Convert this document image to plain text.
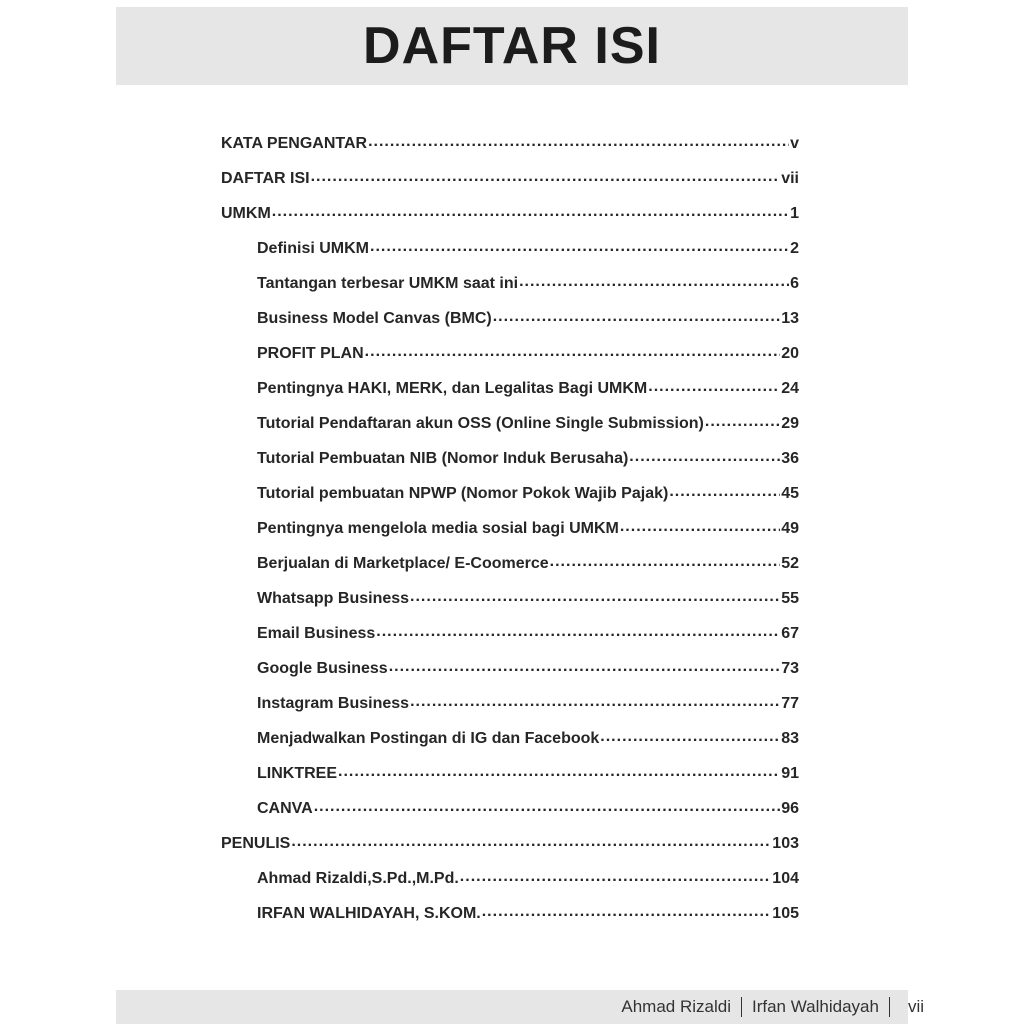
DAFTAR ISI
KATA PENGANTAR .....	v
DAFTAR ISI .....	vii
UMKM .....	1
Definisi UMKM .....	2
Tantangan terbesar UMKM saat ini .....	6
Business Model Canvas (BMC) .....	13
PROFIT PLAN .....	20
Pentingnya HAKI, MERK, dan Legalitas Bagi UMKM .....	24
Tutorial Pendaftaran akun OSS (Online Single Submission) .....	29
Tutorial Pembuatan NIB (Nomor Induk Berusaha) .....	36
Tutorial pembuatan NPWP (Nomor Pokok Wajib Pajak) .....	45
Pentingnya mengelola media sosial bagi UMKM .....	49
Berjualan di Marketplace/ E-Coomerce .....	52
Whatsapp Business .....	55
Email Business .....	67
Google Business .....	73
Instagram Business .....	77
Menjadwalkan Postingan di IG dan Facebook .....	83
LINKTREE .....	91
CANVA .....	96
PENULIS .....	103
Ahmad Rizaldi,S.Pd.,M.Pd. .....	104
IRFAN WALHIDAYAH, S.KOM. .....	105
Ahmad Rizaldi Irfan Walhidayah vii
